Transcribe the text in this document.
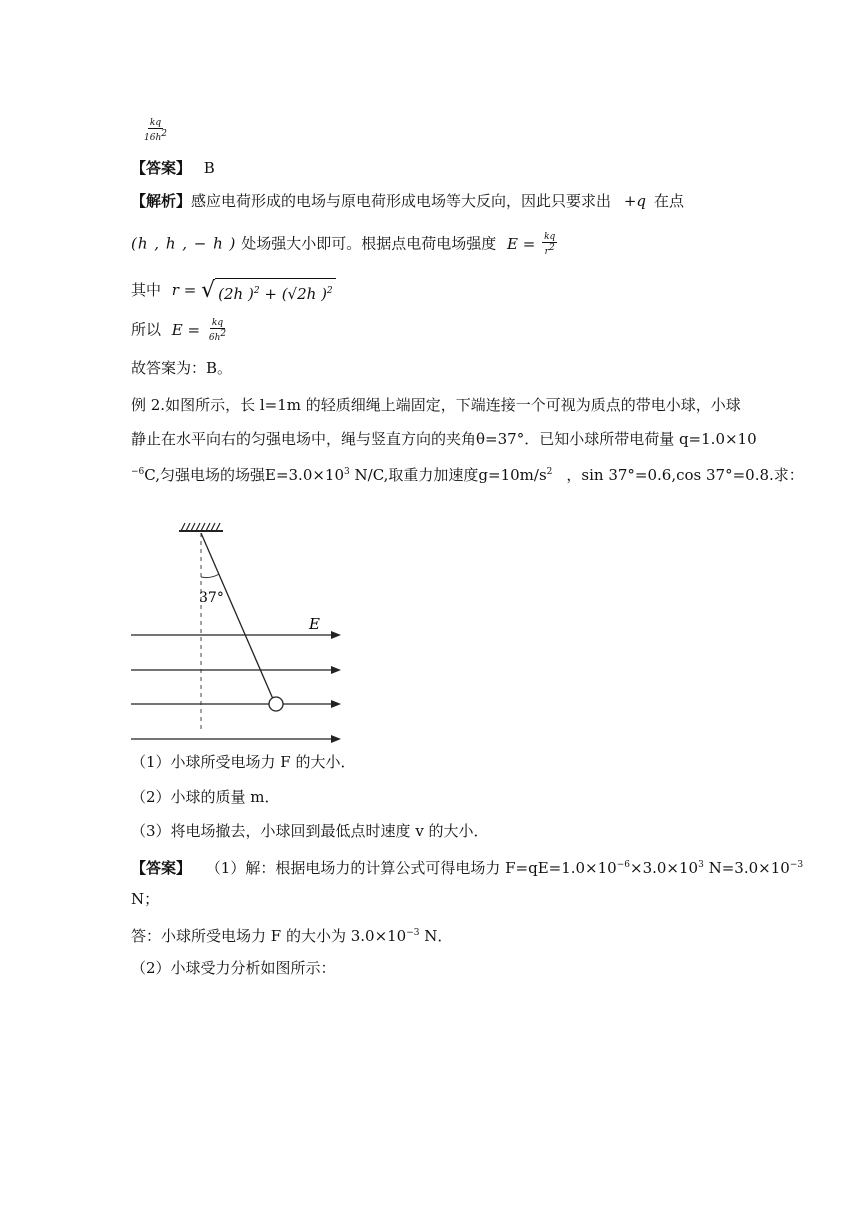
$\frac{kq}{16ℎ^2}$
【答案】 B
【解析】感应电荷形成的电场与原电荷形成电场等大反向，因此只要求出 +q 在点
(ℎ , ℎ , − ℎ ) 处场强大小即可。根据点电荷电场强度 $E = \frac{kq}{r^2}$
其中 r = √ (2ℎ )$^2$ + (√2ℎ )$^2$
所以 $E = \frac{kq}{6ℎ^2}$
故答案为：B。
例 2.如图所示，长 l=1m 的轻质细绳上端固定，下端连接一个可视为质点的带电小球，小球
静止在水平向右的匀强电场中，绳与竖直方向的夹角θ=37°．已知小球所带电荷量 q=1.0×10
$^{-6}$C,匀强电场的场强$E=3.0\times 10^3$ N/C,取重力加速度$g=10m/s^2$ ，sin 37°=0.6,cos 37°=0.8.求：
37°
E
（1）小球所受电场力 F 的大小．
（2）小球的质量 m．
（3）将电场撤去，小球回到最低点时速度 v 的大小．
【答案】 （1）解：根据电场力的计算公式可得电场力 $F=qE=1.0\times 10^{-6}\times 3.0\times 10^3$ $N=3.0\times 10^{-3}$
N；
答：小球所受电场力 F 的大小为 $3.0\times 10^{-3}$ N．
（2）小球受力分析如图所示：
